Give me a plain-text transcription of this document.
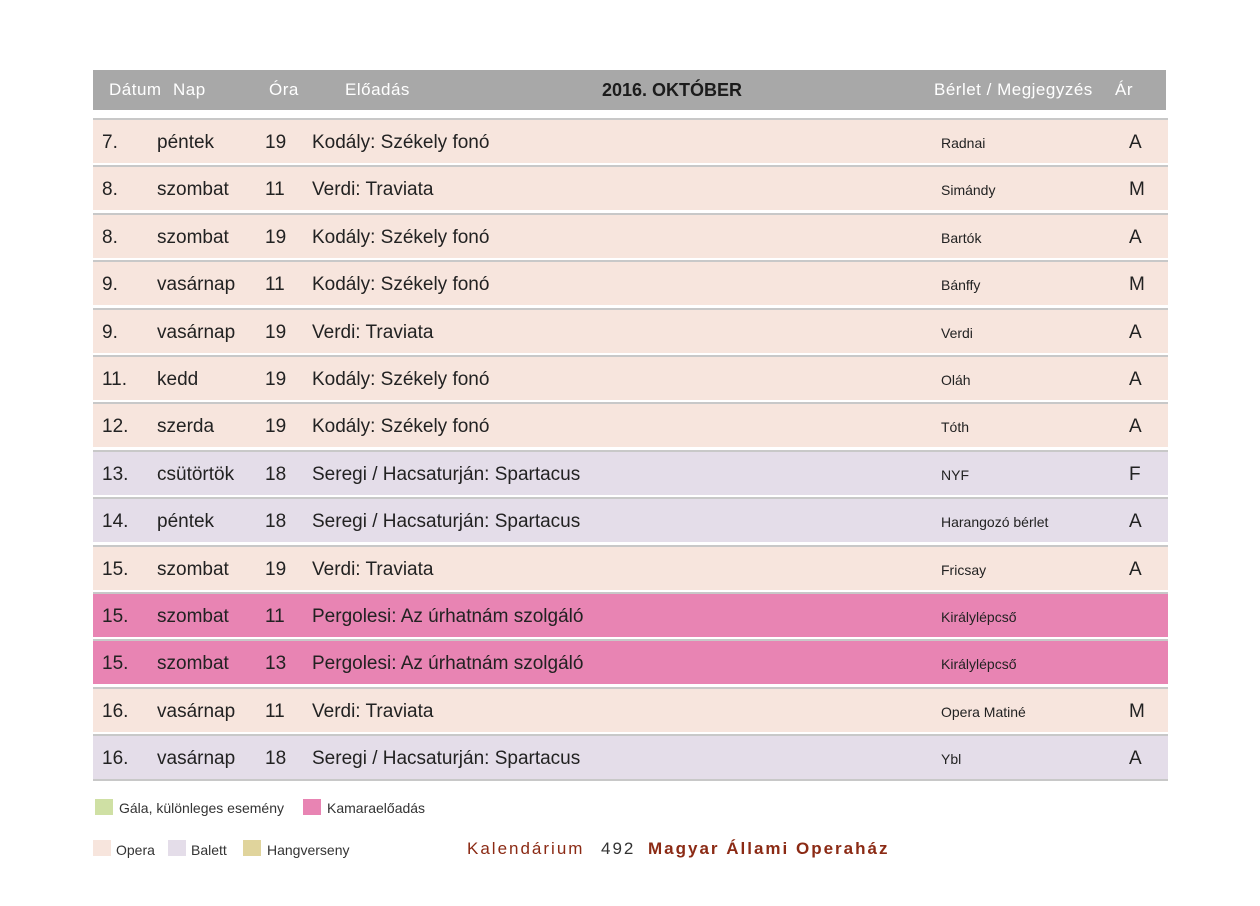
Dátum Nap	Óra	Előadás	2016. OKTÓBER	Bérlet / Megjegyzés Ár
7. péntek	19 Kodály: Székely fonó	Radnai	A
8. szombat 11 Verdi: Traviata	Simándy	M
8. szombat 19 Kodály: Székely fonó	Bartók	A
9. vasárnap 11 Kodály: Székely fonó	Bánffy	M
9. vasárnap 19 Verdi: Traviata	Verdi	A
11. kedd	19 Kodály: Székely fonó	Oláh	A
12. szerda	19 Kodály: Székely fonó	Tóth	A
13. csütörtök 18 Seregi / Hacsaturján: Spartacus	NYF	F
14. péntek	18 Seregi / Hacsaturján: Spartacus	Harangozó bérlet	A
15. szombat 19 Verdi: Traviata	Fricsay	A
15. szombat 11 Pergolesi: Az úrhatnám szolgáló	Királylépcső
15. szombat 13 Pergolesi: Az úrhatnám szolgáló	Királylépcső
16. vasárnap 11 Verdi: Traviata	Opera Matiné	M
16. vasárnap 18 Seregi / Hacsaturján: Spartacus	Ybl	A
Gála, különleges esemény	Kamaraelőadás
Opera	Balett	Hangverseny	Kalendárium 492 Magyar Állami Operaház
